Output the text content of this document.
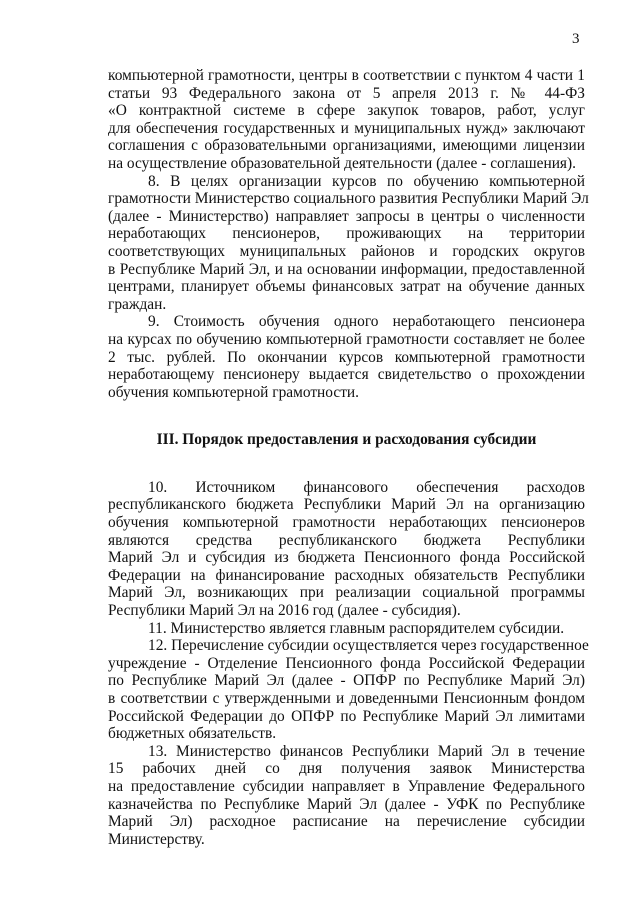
3
компьютерной грамотности, центры в соответствии с пунктом 4 части 1
статьи 93 Федерального закона от 5 апреля 2013 г. № 44-ФЗ
«О контрактной системе в сфере закупок товаров, работ, услуг
для обеспечения государственных и муниципальных нужд» заключают
соглашения с образовательными организациями, имеющими лицензии
на осуществление образовательной деятельности (далее - соглашения).
8. В целях организации курсов по обучению компьютерной
грамотности Министерство социального развития Республики Марий Эл
(далее - Министерство) направляет запросы в центры о численности
неработающих пенсионеров, проживающих на территории
соответствующих муниципальных районов и городских округов
в Республике Марий Эл, и на основании информации, предоставленной
центрами, планирует объемы финансовых затрат на обучение данных
граждан.
9. Стоимость обучения одного неработающего пенсионера
на курсах по обучению компьютерной грамотности составляет не более
2 тыс. рублей. По окончании курсов компьютерной грамотности
неработающему пенсионеру выдается свидетельство о прохождении
обучения компьютерной грамотности.
III. Порядок предоставления и расходования субсидии
10. Источником финансового обеспечения расходов
республиканского бюджета Республики Марий Эл на организацию
обучения компьютерной грамотности неработающих пенсионеров
являются средства республиканского бюджета Республики
Марий Эл и субсидия из бюджета Пенсионного фонда Российской
Федерации на финансирование расходных обязательств Республики
Марий Эл, возникающих при реализации социальной программы
Республики Марий Эл на 2016 год (далее - субсидия).
11. Министерство является главным распорядителем субсидии.
12. Перечисление субсидии осуществляется через государственное
учреждение - Отделение Пенсионного фонда Российской Федерации
по Республике Марий Эл (далее - ОПФР по Республике Марий Эл)
в соответствии с утвержденными и доведенными Пенсионным фондом
Российской Федерации до ОПФР по Республике Марий Эл лимитами
бюджетных обязательств.
13. Министерство финансов Республики Марий Эл в течение
15 рабочих дней со дня получения заявок Министерства
на предоставление субсидии направляет в Управление Федерального
казначейства по Республике Марий Эл (далее - УФК по Республике
Марий Эл) расходное расписание на перечисление субсидии
Министерству.
